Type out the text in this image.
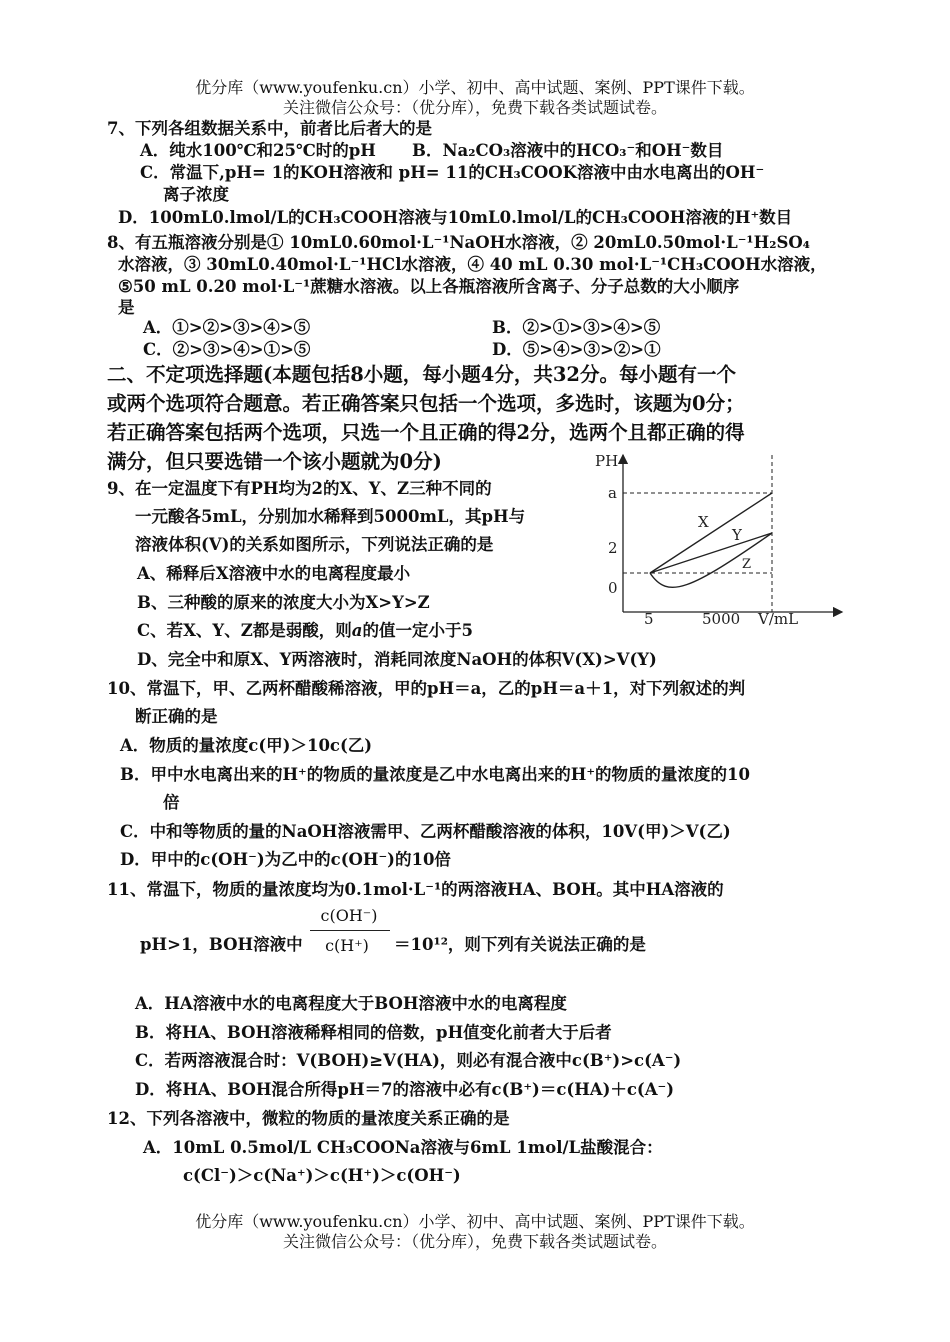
优分库（www.youfenku.cn）小学、初中、高中试题、案例、PPT课件下载。
关注微信公众号：（优分库），免费下载各类试题试卷。
7、下列各组数据关系中，前者比后者大的是
A．纯水100℃和25℃时的pH B．Na₂CO₃溶液中的HCO₃⁻和OH⁻数目
C．常温下,pH= 1的KOH溶液和 pH= 11的CH₃COOK溶液中由水电离出的OH⁻
离子浓度
D．100mL0.lmol/L的CH₃COOH溶液与10mL0.lmol/L的CH₃COOH溶液的H⁺数目
8、有五瓶溶液分别是① 10mL0.60mol·L⁻¹NaOH水溶液，② 20mL0.50mol·L⁻¹H₂SO₄
水溶液，③ 30mL0.40mol·L⁻¹HCl水溶液，④ 40 mL 0.30 mol·L⁻¹CH₃COOH水溶液，
⑤50 mL 0.20 mol·L⁻¹蔗糖水溶液。以上各瓶溶液所含离子、分子总数的大小顺序
是
A．①>②>③>④>⑤	B．②>①>③>④>⑤
C．②>③>④>①>⑤	D．⑤>④>③>②>①
二、不定项选择题(本题包括8小题，每小题4分，共32分。每小题有一个
或两个选项符合题意。若正确答案只包括一个选项，多选时，该题为0分；
若正确答案包括两个选项，只选一个且正确的得2分，选两个且都正确的得
满分，但只要选错一个该小题就为0分)
9、在一定温度下有PH均为2的X、Y、Z三种不同的
一元酸各5mL，分别加水稀释到5000mL，其pH与
溶液体积(V)的关系如图所示，下列说法正确的是
A、稀释后X溶液中水的电离程度最小
B、三种酸的原来的浓度大小为X>Y>Z
C、若X、Y、Z都是弱酸，则a的值一定小于5
D、完全中和原X、Y两溶液时，消耗同浓度NaOH的体积V(X)>V(Y)
PH
a
2
0
5	5000 V/mL
X
Y
Z
10、常温下，甲、乙两杯醋酸稀溶液，甲的pH＝a，乙的pH＝a＋1，对下列叙述的判
断正确的是
A．物质的量浓度c(甲)＞10c(乙)
B．甲中水电离出来的H⁺的物质的量浓度是乙中水电离出来的H⁺的物质的量浓度的10
倍
C．中和等物质的量的NaOH溶液需甲、乙两杯醋酸溶液的体积，10V(甲)＞V(乙)
D．甲中的c(OH⁻)为乙中的c(OH⁻)的10倍
11、常温下，物质的量浓度均为0.1mol·L⁻¹的两溶液HA、BOH。其中HA溶液的
c(OH⁻)
c(H⁺)
pH>1，BOH溶液中	＝10¹²，则下列有关说法正确的是
A．HA溶液中水的电离程度大于BOH溶液中水的电离程度
B．将HA、BOH溶液稀释相同的倍数，pH值变化前者大于后者
C．若两溶液混合时：V(BOH)≥V(HA)，则必有混合液中c(B⁺)>c(A⁻)
D．将HA、BOH混合所得pH＝7的溶液中必有c(B⁺)＝c(HA)＋c(A⁻)
12、下列各溶液中，微粒的物质的量浓度关系正确的是
A．10mL 0.5mol/L CH₃COONa溶液与6mL 1mol/L盐酸混合：
c(Cl⁻)＞c(Na⁺)＞c(H⁺)＞c(OH⁻)
优分库（www.youfenku.cn）小学、初中、高中试题、案例、PPT课件下载。
关注微信公众号：（优分库），免费下载各类试题试卷。
